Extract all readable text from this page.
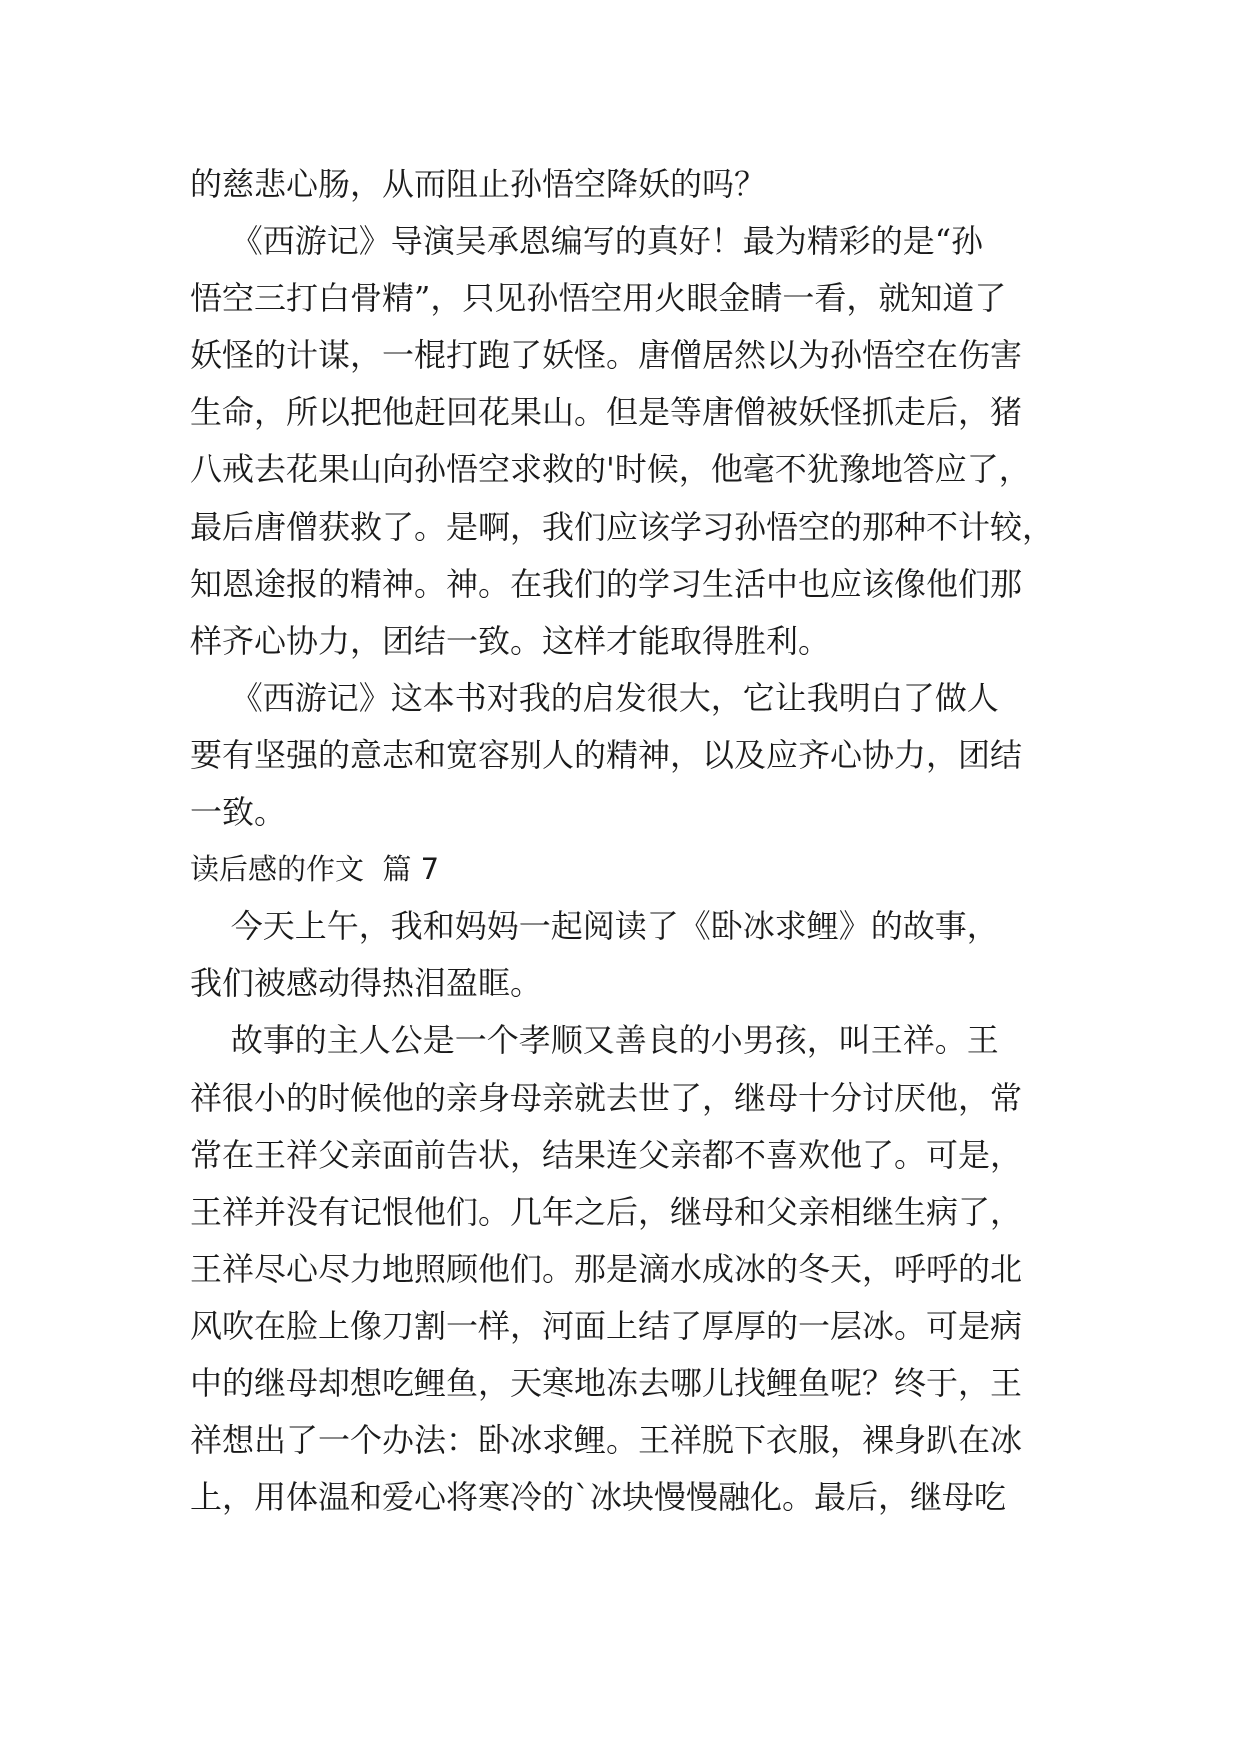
的慈悲心肠，从而阻止孙悟空降妖的吗？
《西游记》导演吴承恩编写的真好！最为精彩的是“孙
悟空三打白骨精”，只见孙悟空用火眼金睛一看，就知道了
妖怪的计谋，一棍打跑了妖怪。唐僧居然以为孙悟空在伤害
生命，所以把他赶回花果山。但是等唐僧被妖怪抓走后，猪
八戒去花果山向孙悟空求救的'时候，他毫不犹豫地答应了，
最后唐僧获救了。是啊，我们应该学习孙悟空的那种不计较，
知恩途报的精神。神。在我们的学习生活中也应该像他们那
样齐心协力，团结一致。这样才能取得胜利。
《西游记》这本书对我的启发很大，它让我明白了做人
要有坚强的意志和宽容别人的精神，以及应齐心协力，团结
一致。
读后感的作文  篇 7
今天上午，我和妈妈一起阅读了《卧冰求鲤》的故事，
我们被感动得热泪盈眶。
故事的主人公是一个孝顺又善良的小男孩，叫王祥。王
祥很小的时候他的亲身母亲就去世了，继母十分讨厌他，常
常在王祥父亲面前告状，结果连父亲都不喜欢他了。可是，
王祥并没有记恨他们。几年之后，继母和父亲相继生病了，
王祥尽心尽力地照顾他们。那是滴水成冰的冬天，呼呼的北
风吹在脸上像刀割一样，河面上结了厚厚的一层冰。可是病
中的继母却想吃鲤鱼，天寒地冻去哪儿找鲤鱼呢？终于，王
祥想出了一个办法：卧冰求鲤。王祥脱下衣服，裸身趴在冰
上，用体温和爱心将寒冷的`冰块慢慢融化。最后，继母吃
